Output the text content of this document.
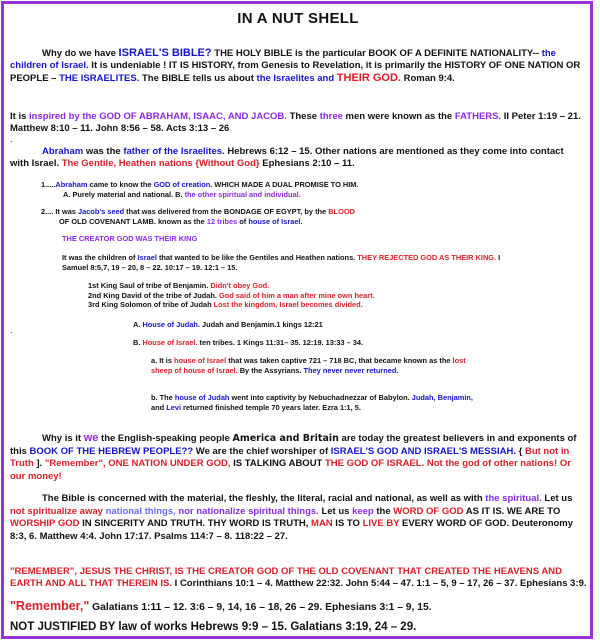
IN A NUT SHELL

Why do we have ISRAEL'S BIBLE? THE HOLY BIBLE is the particular BOOK OF A DEFINITE NATIONALITY-- the children of Israel. It is undeniable ! IT IS HISTORY, from Genesis to Revelation, it is primarily the HISTORY OF ONE NATION OR PEOPLE – THE ISRAELITES. The BIBLE tells us about the Israelites and THEIR GOD. Roman 9:4.

It is inspired by the GOD OF ABRAHAM, ISAAC, AND JACOB. These three men were known as the FATHERS. II Peter 1:19 – 21. Matthew 8:10 – 11. John 8:56 – 58. Acts 3:13 – 26

.

Abraham was the father of the Israelites. Hebrews 6:12 – 15. Other nations are mentioned as they come into contact with Israel. The Gentile, Heathen nations {Without God} Ephesians 2:10 – 11.

1.....Abraham came to know the GOD of creation. WHICH MADE A DUAL PROMISE TO HIM.
A. Purely material and national. B. the other spiritual and individual.

2.... It was Jacob's seed that was delivered from the BONDAGE OF EGYPT, by the BLOOD
OF OLD COVENANT LAMB. known as the 12 tribes of house of Israel.

THE CREATOR GOD WAS THEIR KING

It was the children of Israel that wanted to be like the Gentiles and Heathen nations. THEY REJECTED GOD AS THEIR KING. I Samuel 8:5,7, 19 – 20, 8 – 22. 10:17 – 19. 12:1 – 15.

1st King Saul of tribe of Benjamin. Didn't obey God.
2nd King David of the tribe of Judah. God said of him a man after mine own heart.
3rd King Solomon of tribe of Judah Lost the kingdom, Israel becomes divided.

.

A. House of Judah. Judah and Benjamin.1 kings 12:21

B. House of Israel. ten tribes. 1 Kings 11:31– 35. 12:19. 13:33 – 34.

a. It is house of Israel that was taken captive 721 – 718 BC, that became known as the lost sheep of house of Israel. By the Assyrians. They never never returned.

b. The house of Judah went into captivity by Nebuchadnezzar of Babylon. Judah, Benjamin, and Levi returned finished temple 70 years later. Ezra 1:1, 5.

Why is it we the English-speaking people America and Britain are today the greatest believers in and exponents of this BOOK OF THE HEBREW PEOPLE?? We are the chief worshiper of ISRAEL'S GOD AND ISRAEL'S MESSIAH. { But not in Truth ]. "Remember", ONE NATION UNDER GOD, IS TALKING ABOUT THE GOD OF ISRAEL. Not the god of other nations! Or our money!

The Bible is concerned with the material, the fleshly, the literal, racial and national, as well as with the spiritual. Let us not spiritualize away national things, nor nationalize spiritual things. Let us keep the WORD OF GOD AS IT IS. WE ARE TO WORSHIP GOD IN SINCERITY AND TRUTH. THY WORD IS TRUTH, MAN IS TO LIVE BY EVERY WORD OF GOD. Deuteronomy 8:3, 6. Matthew 4:4. John 17:17. Psalms 114:7 – 8. 118:22 – 27.

"REMEMBER", JESUS THE CHRIST, IS THE CREATOR GOD OF THE OLD COVENANT THAT CREATED THE HEAVENS AND EARTH AND ALL THAT THEREIN IS. I Corinthians 10:1 – 4. Matthew 22:32. John 5:44 – 47. 1:1 – 5, 9 – 17, 26 – 37. Ephesians 3:9.

"Remember," Galatians 1:11 – 12. 3:6 – 9, 14, 16 – 18, 26 – 29. Ephesians 3:1 – 9, 15.

NOT JUSTIFIED BY law of works Hebrews 9:9 – 15. Galatians 3:19, 24 – 29.
